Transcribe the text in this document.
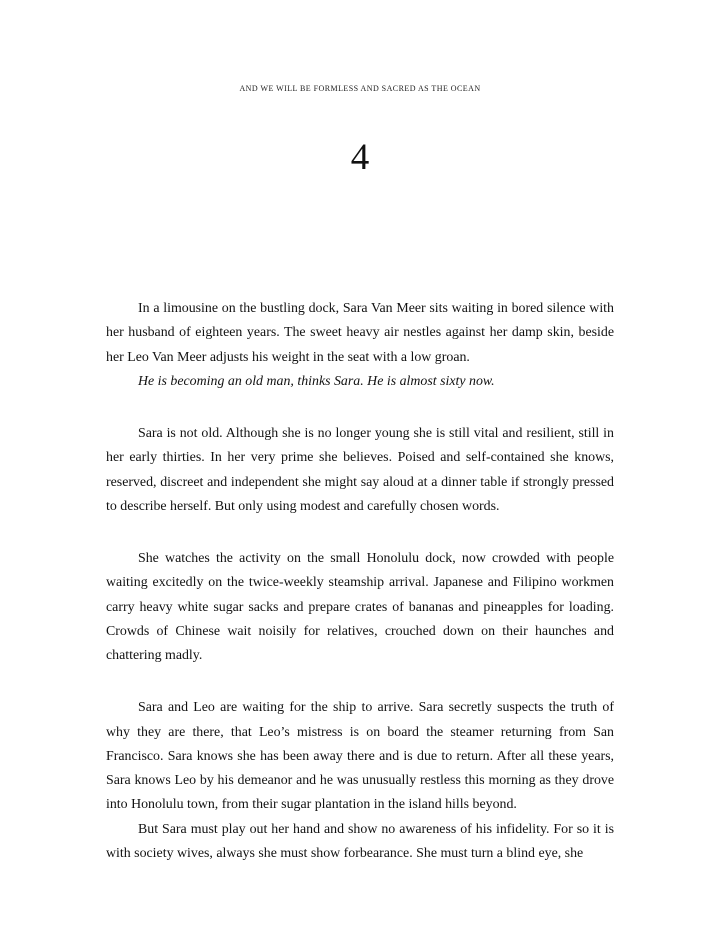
AND WE WILL BE FORMLESS AND SACRED AS THE OCEAN
4

In a limousine on the bustling dock, Sara Van Meer sits waiting in bored silence with her husband of eighteen years. The sweet heavy air nestles against her damp skin, beside her Leo Van Meer adjusts his weight in the seat with a low groan.

He is becoming an old man, thinks Sara. He is almost sixty now.

Sara is not old. Although she is no longer young she is still vital and resilient, still in her early thirties. In her very prime she believes. Poised and self-contained she knows, reserved, discreet and independent she might say aloud at a dinner table if strongly pressed to describe herself. But only using modest and carefully chosen words.

She watches the activity on the small Honolulu dock, now crowded with people waiting excitedly on the twice-weekly steamship arrival. Japanese and Filipino workmen carry heavy white sugar sacks and prepare crates of bananas and pineapples for loading. Crowds of Chinese wait noisily for relatives, crouched down on their haunches and chattering madly.

Sara and Leo are waiting for the ship to arrive. Sara secretly suspects the truth of why they are there, that Leo’s mistress is on board the steamer returning from San Francisco. Sara knows she has been away there and is due to return. After all these years, Sara knows Leo by his demeanor and he was unusually restless this morning as they drove into Honolulu town, from their sugar plantation in the island hills beyond.

But Sara must play out her hand and show no awareness of his infidelity. For so it is with society wives, always she must show forbearance. She must turn a blind eye, she
